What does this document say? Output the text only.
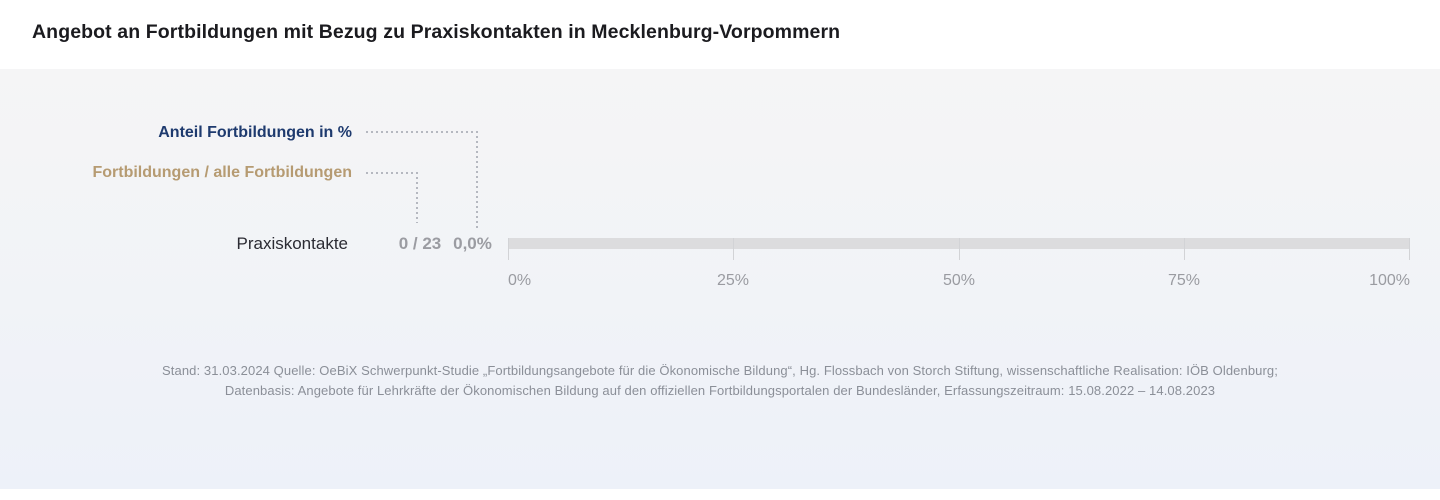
Angebot an Fortbildungen mit Bezug zu Praxiskontakten in Mecklenburg-Vorpommern
Anteil Fortbildungen in %
Fortbildungen / alle Fortbildungen
Praxiskontakte	0 / 23 0,0%
0%	25%	50%	75%	100%
Stand: 31.03.2024 Quelle: OeBiX Schwerpunkt-Studie „Fortbildungsangebote für die Ökonomische Bildung“, Hg. Flossbach von Storch Stiftung, wissenschaftliche Realisation: IÖB Oldenburg;
Datenbasis: Angebote für Lehrkräfte der Ökonomischen Bildung auf den offiziellen Fortbildungsportalen der Bundesländer, Erfassungszeitraum: 15.08.2022 – 14.08.2023
